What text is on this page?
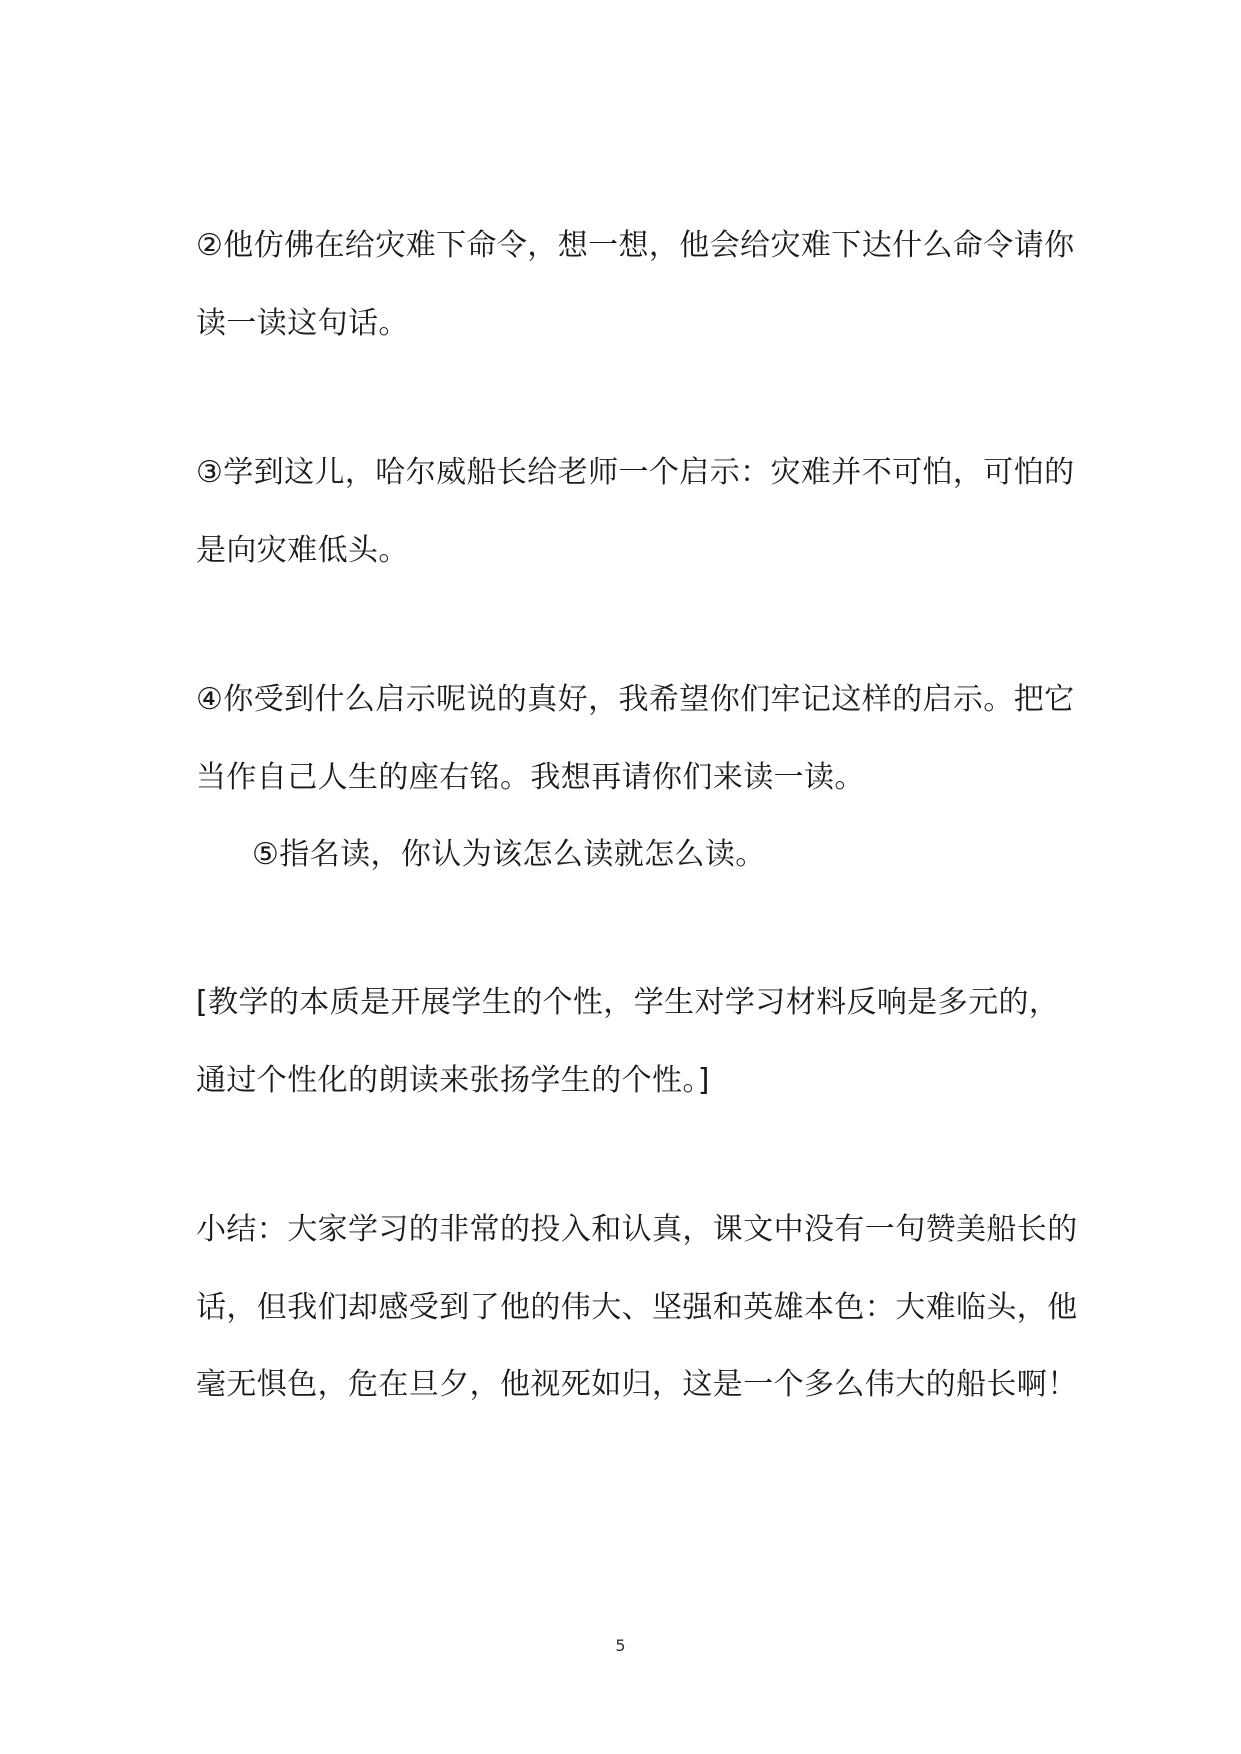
②他仿佛在给灾难下命令，想一想，他会给灾难下达什么命令请你
读一读这句话。
③学到这儿，哈尔威船长给老师一个启示：灾难并不可怕，可怕的
是向灾难低头。
④你受到什么启示呢说的真好，我希望你们牢记这样的启示。把它
当作自己人生的座右铭。我想再请你们来读一读。
⑤指名读，你认为该怎么读就怎么读。
[教学的本质是开展学生的个性，学生对学习材料反响是多元的，
通过个性化的朗读来张扬学生的个性。]
小结：大家学习的非常的投入和认真，课文中没有一句赞美船长的
话，但我们却感受到了他的伟大、坚强和英雄本色：大难临头，他
毫无惧色，危在旦夕，他视死如归，这是一个多么伟大的船长啊！
5
